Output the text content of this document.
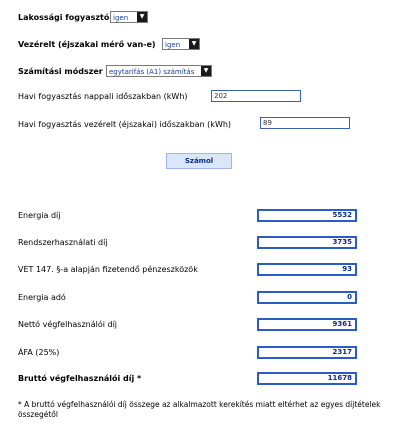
Lakossági fogyasztó igen	▼
Vezérelt (éjszakai mérő van-e) igen	▼
Számítási módszer egytarifás (A1) számítás	▼
Havi fogyasztás nappali időszakban (kWh)	202
Havi fogyasztás vezérelt (éjszakai) időszakban (kWh)	89
Számol
Energia díj	5532
Rendszerhasználati díj	3735
VET 147. §-a alapján fizetendő pénzeszközök	93
Energia adó	0
Nettó végfelhasználói díj	9361
ÁFA (25%)	2317
Bruttó végfelhasználói díj *	11678
* A bruttó végfelhasználói díj összege az alkalmazott kerekítés miatt eltérhet az egyes díjtételek összegétől
